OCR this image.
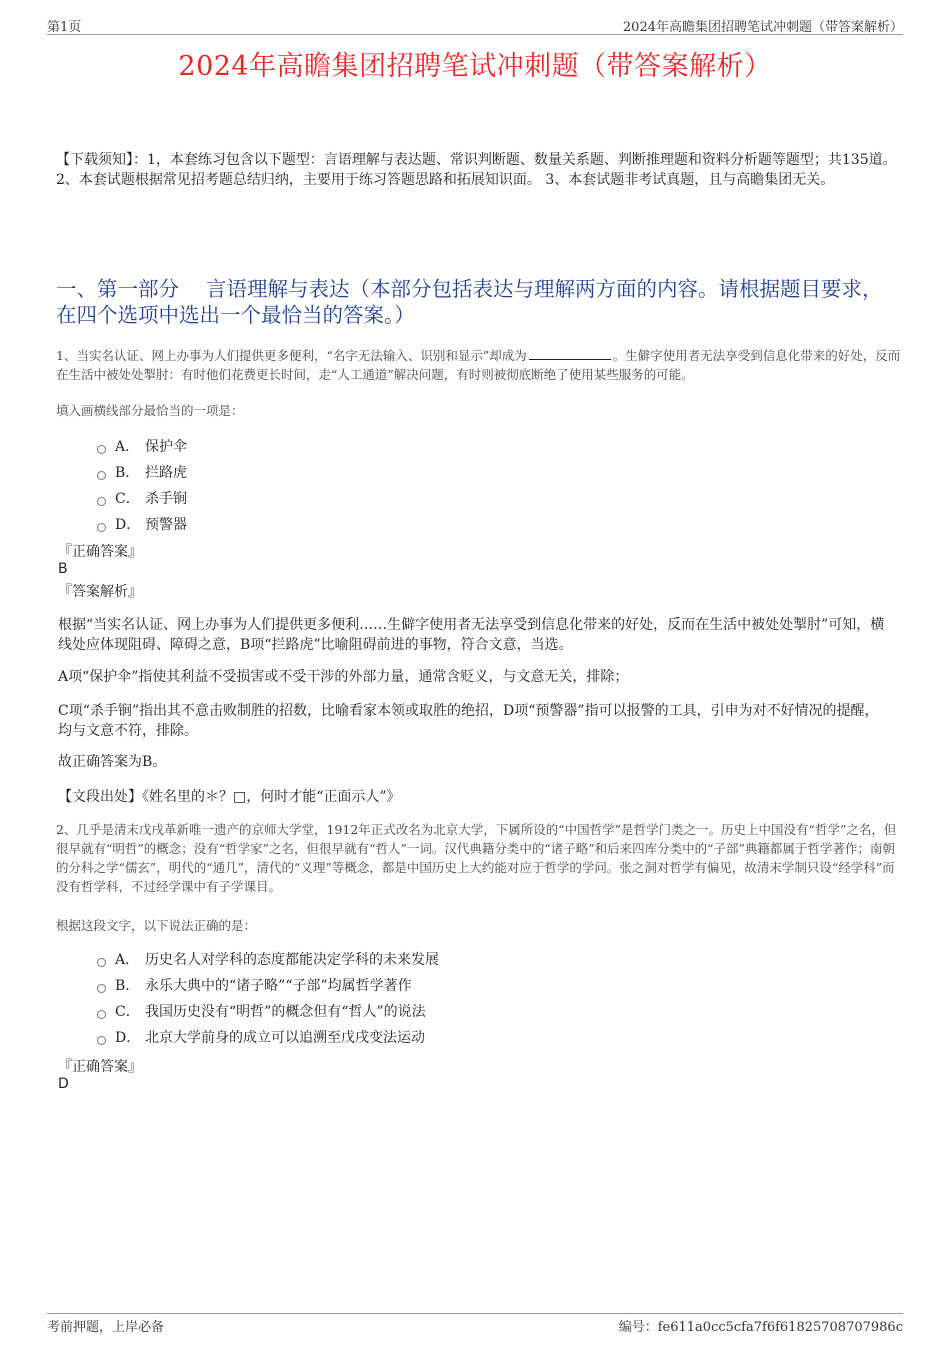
第1页	2024年高瞻集团招聘笔试冲刺题（带答案解析）
2024年高瞻集团招聘笔试冲刺题（带答案解析）
【下载须知】：1，本套练习包含以下题型：言语理解与表达题、常识判断题、数量关系题、判断推理题和资料分析题等题型；共135道。 2、本套试题根据常见招考题总结归纳，主要用于练习答题思路和拓展知识面。 3、本套试题非考试真题，且与高瞻集团无关。
一、第一部分　 言语理解与表达（本部分包括表达与理解两方面的内容。请根据题目要求，在四个选项中选出一个最恰当的答案。）
1、当实名认证、网上办事为人们提供更多便利，“名字无法输入、识别和显示”却成为	。生僻字使用者无法享受到信息化带来的好处，反而在生活中被处处掣肘：有时他们花费更长时间，走“人工通道”解决问题，有时则被彻底断绝了使用某些服务的可能。
填入画横线部分最恰当的一项是：
A． 保护伞
B． 拦路虎
C． 杀手锏
D． 预警器
『正确答案』
B
『答案解析』
根据“当实名认证、网上办事为人们提供更多便利……生僻字使用者无法享受到信息化带来的好处，反而在生活中被处处掣肘”可知，横线处应体现阻碍、障碍之意，B项“拦路虎”比喻阻碍前进的事物，符合文意，当选。
A项“保护伞”指使其利益不受损害或不受干涉的外部力量，通常含贬义，与文意无关，排除；
C项“杀手锏”指出其不意击败制胜的招数，比喻看家本领或取胜的绝招，D项“预警器”指可以报警的工具，引申为对不好情况的提醒，均与文意不符，排除。
故正确答案为B。
【文段出处】《姓名里的＊？□，何时才能“正面示人”》
2、几乎是清末戊戌革新唯一遗产的京师大学堂，1912年正式改名为北京大学，下属所设的“中国哲学”是哲学门类之一。历史上中国没有“哲学”之名，但很早就有“明哲”的概念；没有“哲学家”之名，但很早就有“哲人”一词。汉代典籍分类中的“诸子略”和后来四库分类中的“子部”典籍都属于哲学著作；南朝的分科之学“儒玄”，明代的“通几”，清代的“义理”等概念，都是中国历史上大约能对应于哲学的学问。张之洞对哲学有偏见，故清末学制只设“经学科”而没有哲学科，不过经学课中有子学课目。
根据这段文字，以下说法正确的是：
A． 历史名人对学科的态度都能决定学科的未来发展
B． 永乐大典中的“诸子略”“子部”均属哲学著作
C． 我国历史没有“明哲”的概念但有“哲人”的说法
D． 北京大学前身的成立可以追溯至戊戌变法运动
『正确答案』
D
考前押题，上岸必备	编号：fe611a0cc5cfa7f6f61825708707986c
